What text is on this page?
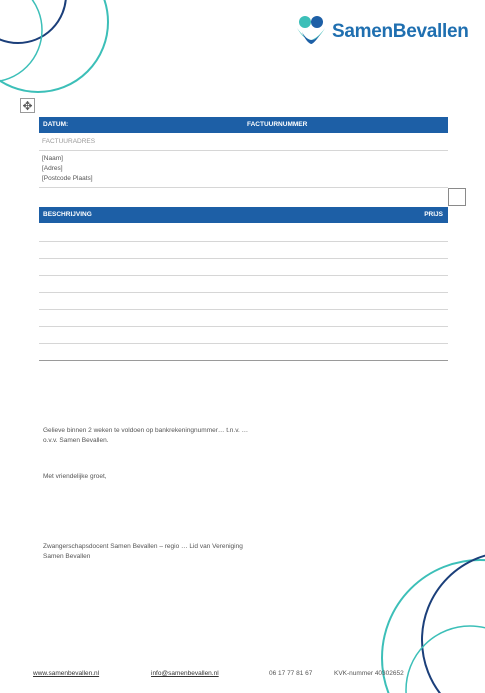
SamenBevallen
✥
DATUM:	FACTUURNUMMER
FACTUURADRES
[Naam]
[Adres]
[Postcode Plaats]
BESCHRIJVING	PRIJS
Gelieve binnen 2 weken te voldoen op bankrekeningnummer… t.n.v. …
o.v.v. Samen Bevallen.
Met vriendelijke groet,
Zwangerschapsdocent Samen Bevallen – regio … Lid van Vereniging
Samen Bevallen
www.samenbevallen.nl	info@samenbevallen.nl	06 17 77 81 67	KVK-nummer 40302652
